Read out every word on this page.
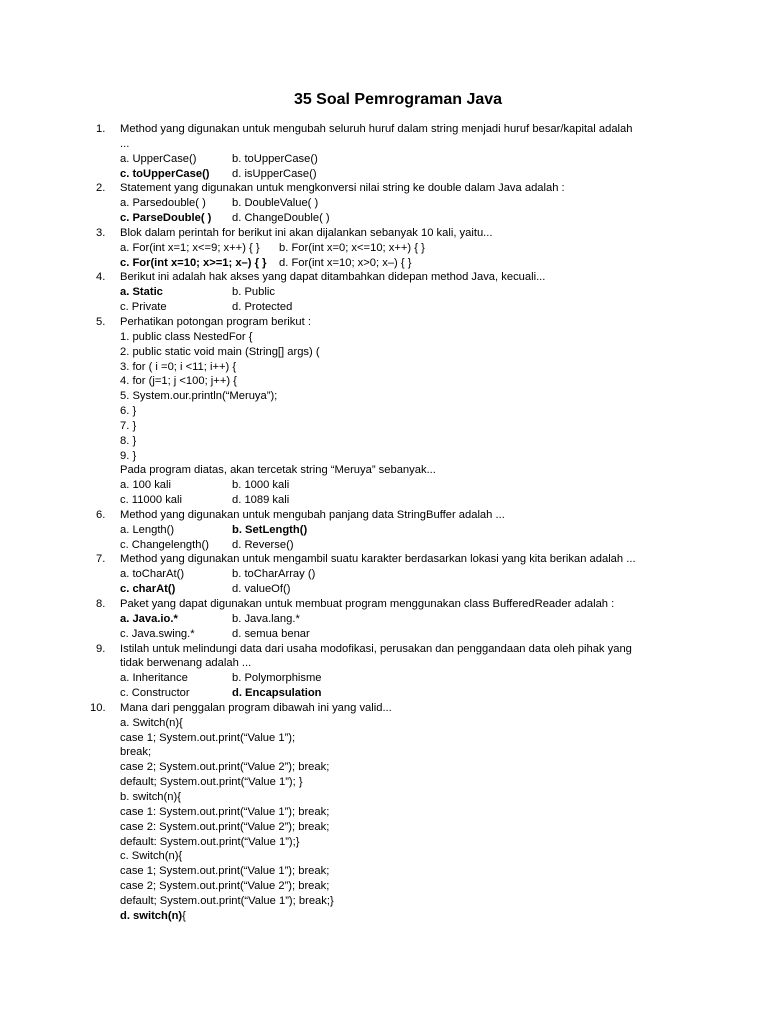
35 Soal Pemrograman Java
1.	Method yang digunakan untuk mengubah seluruh huruf dalam string menjadi huruf besar/kapital adalah
...
a. UpperCase()	b. toUpperCase()
c. toUpperCase() d. isUpperCase()
2.	Statement yang digunakan untuk mengkonversi nilai string ke double dalam Java adalah :
a. Parsedouble( ) b. DoubleValue( )
c. ParseDouble( ) d. ChangeDouble( )
3.	Blok dalam perintah for berikut ini akan dijalankan sebanyak 10 kali, yaitu...
a. For(int x=1; x<=9; x++) { } b. For(int x=0; x<=10; x++) { }
c. For(int x=10; x>=1; x–) { } d. For(int x=10; x>0; x–) { }
4.	Berikut ini adalah hak akses yang dapat ditambahkan didepan method Java, kecuali...
a. Static	b. Public
c. Private	d. Protected
5.	Perhatikan potongan program berikut :
1. public class NestedFor {
2. public static void main (String[] args) (
3. for ( i =0; i <11; i++) {
4. for (j=1; j <100; j++) {
5. System.our.println(“Meruya”);
6. }
7. }
8. }
9. }
Pada program diatas, akan tercetak string “Meruya” sebanyak...
a. 100 kali	b. 1000 kali
c. 11000 kali	d. 1089 kali
6.	Method yang digunakan untuk mengubah panjang data StringBuffer adalah ...
a. Length()	b. SetLength()
c. Changelength() d. Reverse()
7.	Method yang digunakan untuk mengambil suatu karakter berdasarkan lokasi yang kita berikan adalah ...
a. toCharAt()	b. toCharArray ()
c. charAt()	d. valueOf()
8.	Paket yang dapat digunakan untuk membuat program menggunakan class BufferedReader adalah :
a. Java.io.*	b. Java.lang.*
c. Java.swing.*	d. semua benar
9.	Istilah untuk melindungi data dari usaha modofikasi, perusakan dan penggandaan data oleh pihak yang
tidak berwenang adalah ...
a. Inheritance	b. Polymorphisme
c. Constructor	d. Encapsulation
10. Mana dari penggalan program dibawah ini yang valid...
a. Switch(n){
case 1; System.out.print(“Value 1”);
break;
case 2; System.out.print(“Value 2”); break;
default; System.out.print(“Value 1”); }
b. switch(n){
case 1: System.out.print(“Value 1”); break;
case 2: System.out.print(“Value 2”); break;
default: System.out.print(“Value 1”);}
c. Switch(n){
case 1; System.out.print(“Value 1”); break;
case 2; System.out.print(“Value 2”); break;
default; System.out.print(“Value 1”); break;}
d. switch(n){
